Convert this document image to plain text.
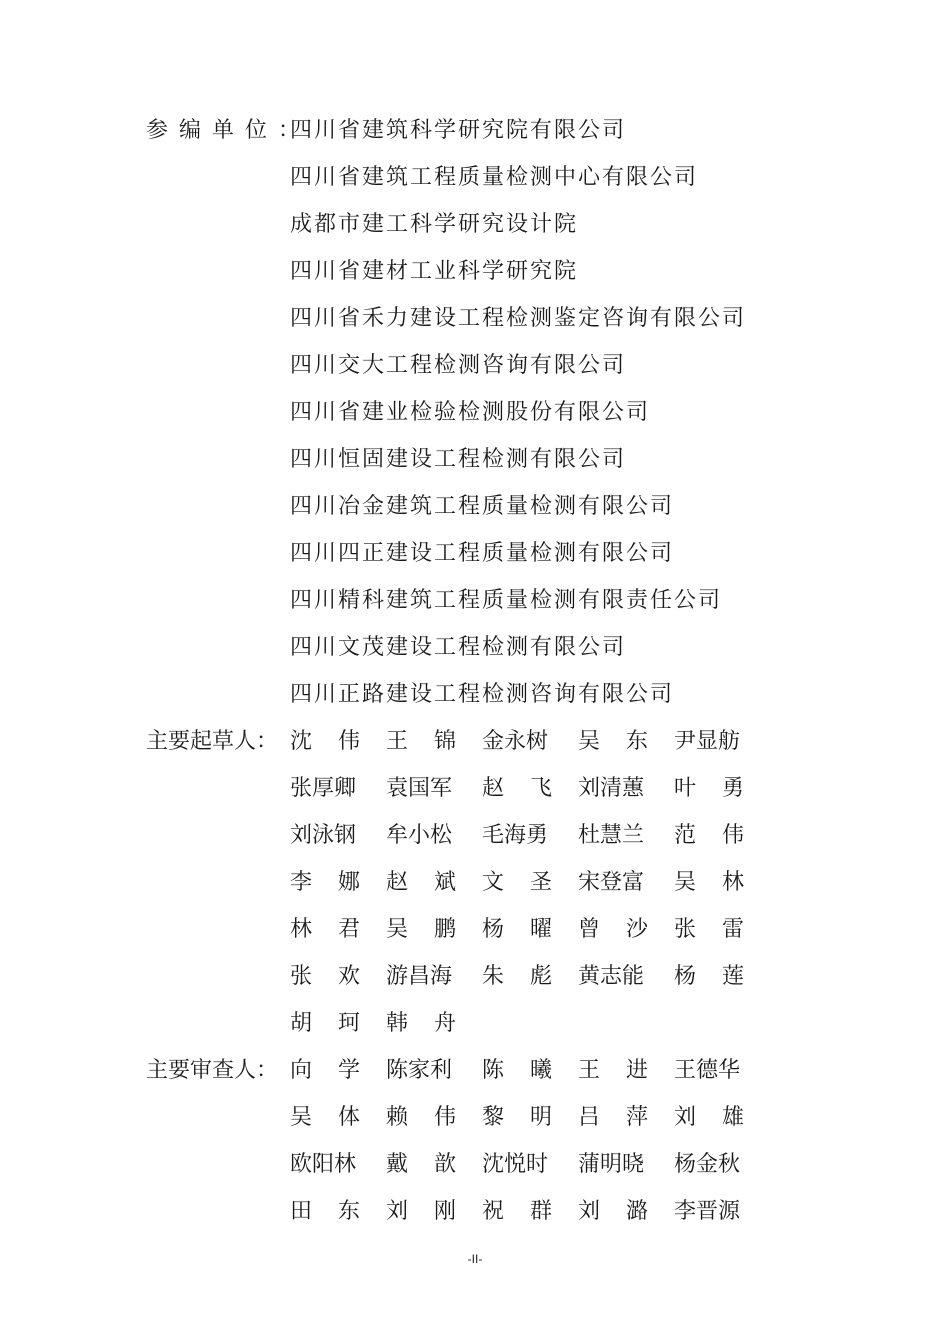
参编单位：
四川省建筑科学研究院有限公司
四川省建筑工程质量检测中心有限公司
成都市建工科学研究设计院
四川省建材工业科学研究院
四川省禾力建设工程检测鉴定咨询有限公司
四川交大工程检测咨询有限公司
四川省建业检验检测股份有限公司
四川恒固建设工程检测有限公司
四川冶金建筑工程质量检测有限公司
四川四正建设工程质量检测有限公司
四川精科建筑工程质量检测有限责任公司
四川文茂建设工程检测有限公司
四川正路建设工程检测咨询有限公司
主要起草人： 沈 伟 王 锦 金永树 吴 东 尹显舫
张厚卿 袁国军 赵 飞 刘清蕙 叶 勇
刘泳钢 牟小松 毛海勇 杜慧兰 范 伟
李 娜 赵 斌 文 圣 宋登富 吴 林
林 君 吴 鹏 杨 曜 曾 沙 张 雷
张 欢 游昌海 朱 彪 黄志能 杨 莲
胡 珂 韩 舟
主要审查人： 向 学 陈家利 陈 曦 王 进 王德华
吴 体 赖 伟 黎 明 吕 萍 刘 雄
欧阳林 戴 歆 沈悦时 蒲明晓 杨金秋
田 东 刘 刚 祝 群 刘 潞 李晋源
-II-
